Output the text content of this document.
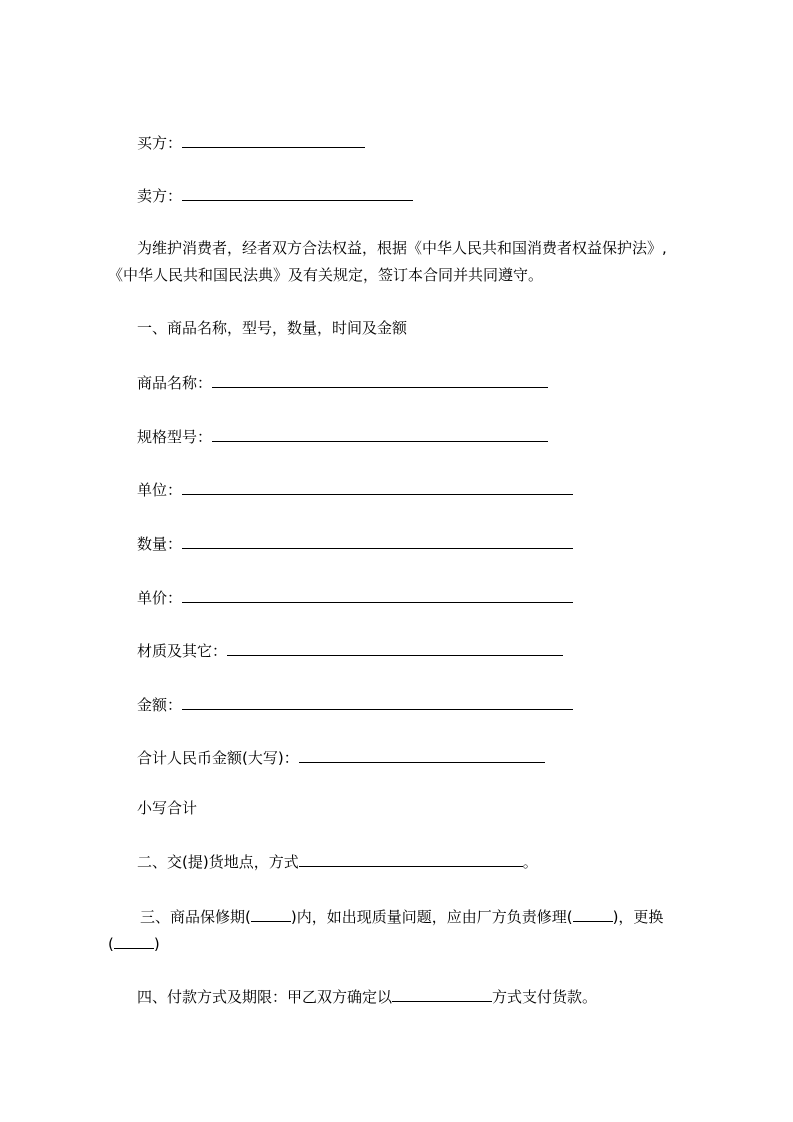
买方：
卖方：
为维护消费者，经者双方合法权益，根据《中华人民共和国消费者权益保护法》,
《中华人民共和国民法典》及有关规定，签订本合同并共同遵守。
一、商品名称，型号，数量，时间及金额
商品名称：
规格型号：
单位：
数量：
单价：
材质及其它：
金额：
合计人民币金额(大写)：
小写合计
二、交(提)货地点，方式	。
三、商品保修期(	)内，如出现质量问题，应由厂方负责修理(	)，更换
(	)
四、付款方式及期限：甲乙双方确定以	方式支付货款。
